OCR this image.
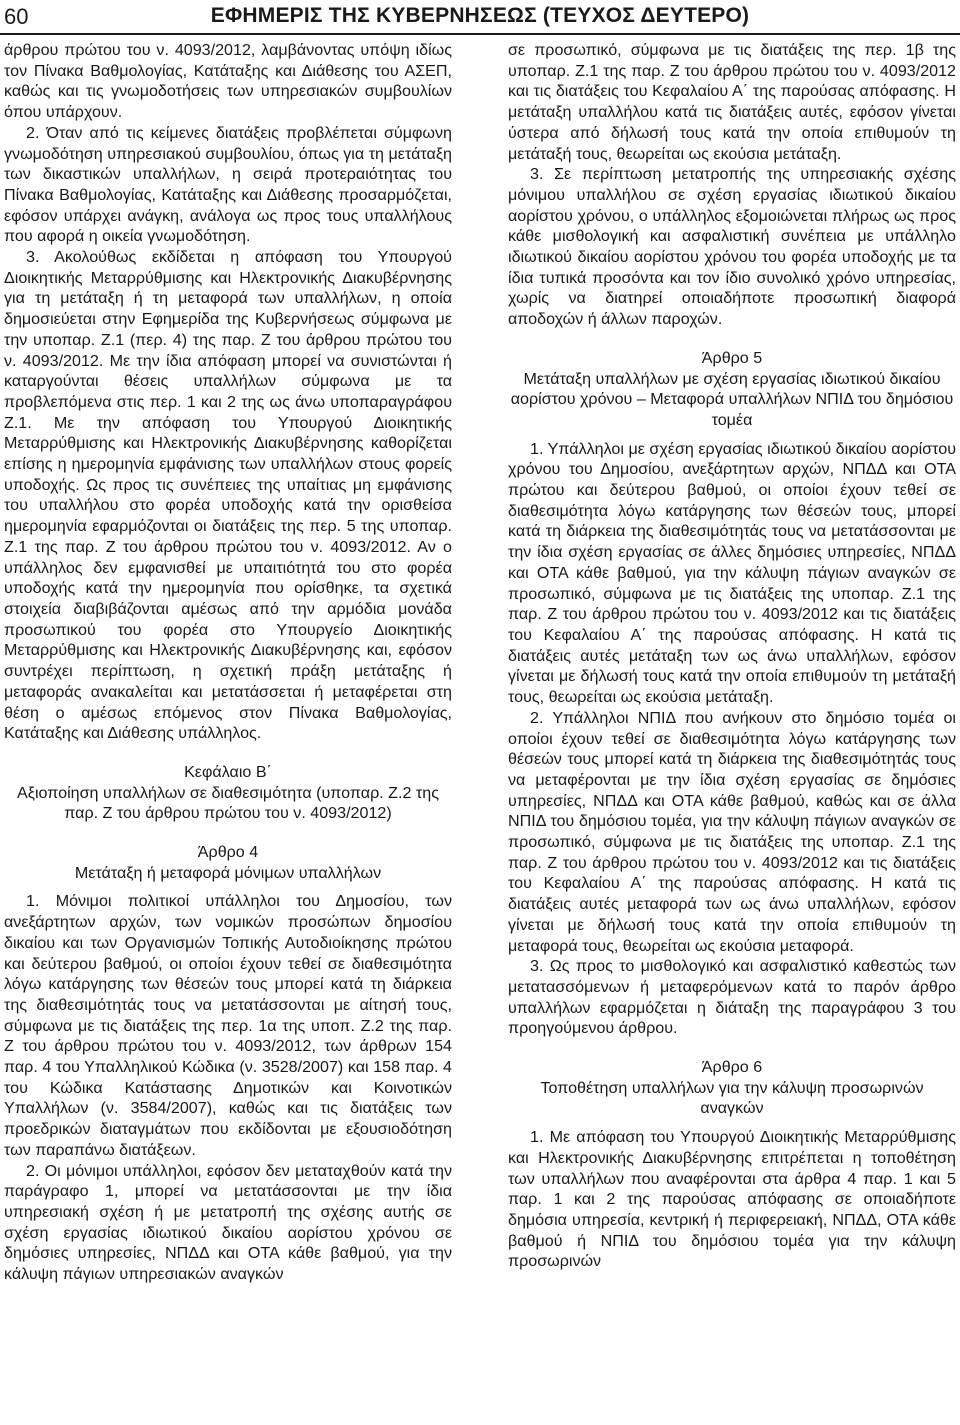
60	ΕΦΗΜΕΡΙΣ ΤΗΣ ΚΥΒΕΡΝΗΣΕΩΣ (ΤΕΥΧΟΣ ΔΕΥΤΕΡΟ)

άρθρου πρώτου του ν. 4093/2012, λαμβάνοντας υπόψη ιδίως τον Πίνακα Βαθμολογίας, Κατάταξης και Διάθεσης του ΑΣΕΠ, καθώς και τις γνωμοδοτήσεις των υπηρεσιακών συμβουλίων όπου υπάρχουν.

2. Όταν από τις κείμενες διατάξεις προβλέπεται σύμφωνη γνωμοδότηση υπηρεσιακού συμβουλίου, όπως για τη μετάταξη των δικαστικών υπαλλήλων, η σειρά προτεραιότητας του Πίνακα Βαθμολογίας, Κατάταξης και Διάθεσης προσαρμόζεται, εφόσον υπάρχει ανάγκη, ανάλογα ως προς τους υπαλλήλους που αφορά η οικεία γνωμοδότηση.

3. Ακολούθως εκδίδεται η απόφαση του Υπουργού Διοικητικής Μεταρρύθμισης και Ηλεκτρονικής Διακυβέρνησης για τη μετάταξη ή τη μεταφορά των υπαλλήλων, η οποία δημοσιεύεται στην Εφημερίδα της Κυβερνήσεως σύμφωνα με την υποπαρ. Ζ.1 (περ. 4) της παρ. Ζ του άρθρου πρώτου του ν. 4093/2012. Με την ίδια απόφαση μπορεί να συνιστώνται ή καταργούνται θέσεις υπαλλήλων σύμφωνα με τα προβλεπόμενα στις περ. 1 και 2 της ως άνω υποπαραγράφου Ζ.1. Με την απόφαση του Υπουργού Διοικητικής Μεταρρύθμισης και Ηλεκτρονικής Διακυβέρνησης καθορίζεται επίσης η ημερομηνία εμφάνισης των υπαλλήλων στους φορείς υποδοχής. Ως προς τις συνέπειες της υπαίτιας μη εμφάνισης του υπαλλήλου στο φορέα υποδοχής κατά την ορισθείσα ημερομηνία εφαρμόζονται οι διατάξεις της περ. 5 της υποπαρ. Ζ.1 της παρ. Ζ του άρθρου πρώτου του ν. 4093/2012. Αν ο υπάλληλος δεν εμφανισθεί με υπαιτιότητά του στο φορέα υποδοχής κατά την ημερομηνία που ορίσθηκε, τα σχετικά στοιχεία διαβιβάζονται αμέσως από την αρμόδια μονάδα προσωπικού του φορέα στο Υπουργείο Διοικητικής Μεταρρύθμισης και Ηλεκτρονικής Διακυβέρνησης και, εφόσον συντρέχει περίπτωση, η σχετική πράξη μετάταξης ή μεταφοράς ανακαλείται και μετατάσσεται ή μεταφέρεται στη θέση ο αμέσως επόμενος στον Πίνακα Βαθμολογίας, Κατάταξης και Διάθεσης υπάλληλος.

Κεφάλαιο Β΄

Αξιοποίηση υπαλλήλων σε διαθεσιμότητα (υποπαρ. Ζ.2 της παρ. Ζ του άρθρου πρώτου του ν. 4093/2012)

Άρθρο 4

Μετάταξη ή μεταφορά μόνιμων υπαλλήλων

1. Μόνιμοι πολιτικοί υπάλληλοι του Δημοσίου, των ανεξάρτητων αρχών, των νομικών προσώπων δημοσίου δικαίου και των Οργανισμών Τοπικής Αυτοδιοίκησης πρώτου και δεύτερου βαθμού, οι οποίοι έχουν τεθεί σε διαθεσιμότητα λόγω κατάργησης των θέσεών τους μπορεί κατά τη διάρκεια της διαθεσιμότητάς τους να μετατάσσονται με αίτησή τους, σύμφωνα με τις διατάξεις της περ. 1α της υποπ. Ζ.2 της παρ. Ζ του άρθρου πρώτου του ν. 4093/2012, των άρθρων 154 παρ. 4 του Υπαλληλικού Κώδικα (ν. 3528/2007) και 158 παρ. 4 του Κώδικα Κατάστασης Δημοτικών και Κοινοτικών Υπαλλήλων (ν. 3584/2007), καθώς και τις διατάξεις των προεδρικών διαταγμάτων που εκδίδονται με εξουσιοδότηση των παραπάνω διατάξεων.

2. Οι μόνιμοι υπάλληλοι, εφόσον δεν μεταταχθούν κατά την παράγραφο 1, μπορεί να μετατάσσονται με την ίδια υπηρεσιακή σχέση ή με μετατροπή της σχέσης αυτής σε σχέση εργασίας ιδιωτικού δικαίου αορίστου χρόνου σε δημόσιες υπηρεσίες, ΝΠΔΔ και ΟΤΑ κάθε βαθμού, για την κάλυψη πάγιων υπηρεσιακών αναγκών

σε προσωπικό, σύμφωνα με τις διατάξεις της περ. 1β της υποπαρ. Ζ.1 της παρ. Ζ του άρθρου πρώτου του ν. 4093/2012 και τις διατάξεις του Κεφαλαίου Α΄ της παρούσας απόφασης. Η μετάταξη υπαλλήλου κατά τις διατάξεις αυτές, εφόσον γίνεται ύστερα από δήλωσή τους κατά την οποία επιθυμούν τη μετάταξή τους, θεωρείται ως εκούσια μετάταξη.

3. Σε περίπτωση μετατροπής της υπηρεσιακής σχέσης μόνιμου υπαλλήλου σε σχέση εργασίας ιδιωτικού δικαίου αορίστου χρόνου, ο υπάλληλος εξομοιώνεται πλήρως ως προς κάθε μισθολογική και ασφαλιστική συνέπεια με υπάλληλο ιδιωτικού δικαίου αορίστου χρόνου του φορέα υποδοχής με τα ίδια τυπικά προσόντα και τον ίδιο συνολικό χρόνο υπηρεσίας, χωρίς να διατηρεί οποιαδήποτε προσωπική διαφορά αποδοχών ή άλλων παροχών.

Άρθρο 5

Μετάταξη υπαλλήλων με σχέση εργασίας ιδιωτικού δικαίου αορίστου χρόνου – Μεταφορά υπαλλήλων ΝΠΙΔ του δημόσιου τομέα

1. Υπάλληλοι με σχέση εργασίας ιδιωτικού δικαίου αορίστου χρόνου του Δημοσίου, ανεξάρτητων αρχών, ΝΠΔΔ και ΟΤΑ πρώτου και δεύτερου βαθμού, οι οποίοι έχουν τεθεί σε διαθεσιμότητα λόγω κατάργησης των θέσεών τους, μπορεί κατά τη διάρκεια της διαθεσιμότητάς τους να μετατάσσονται με την ίδια σχέση εργασίας σε άλλες δημόσιες υπηρεσίες, ΝΠΔΔ και ΟΤΑ κάθε βαθμού, για την κάλυψη πάγιων αναγκών σε προσωπικό, σύμφωνα με τις διατάξεις της υποπαρ. Ζ.1 της παρ. Ζ του άρθρου πρώτου του ν. 4093/2012 και τις διατάξεις του Κεφαλαίου Α΄ της παρούσας απόφασης. Η κατά τις διατάξεις αυτές μετάταξη των ως άνω υπαλλήλων, εφόσον γίνεται με δήλωσή τους κατά την οποία επιθυμούν τη μετάταξή τους, θεωρείται ως εκούσια μετάταξη.

2. Υπάλληλοι ΝΠΙΔ που ανήκουν στο δημόσιο τομέα οι οποίοι έχουν τεθεί σε διαθεσιμότητα λόγω κατάργησης των θέσεών τους μπορεί κατά τη διάρκεια της διαθεσιμότητάς τους να μεταφέρονται με την ίδια σχέση εργασίας σε δημόσιες υπηρεσίες, ΝΠΔΔ και ΟΤΑ κάθε βαθμού, καθώς και σε άλλα ΝΠΙΔ του δημόσιου τομέα, για την κάλυψη πάγιων αναγκών σε προσωπικό, σύμφωνα με τις διατάξεις της υποπαρ. Ζ.1 της παρ. Ζ του άρθρου πρώτου του ν. 4093/2012 και τις διατάξεις του Κεφαλαίου Α΄ της παρούσας απόφασης. Η κατά τις διατάξεις αυτές μεταφορά των ως άνω υπαλλήλων, εφόσον γίνεται με δήλωσή τους κατά την οποία επιθυμούν τη μεταφορά τους, θεωρείται ως εκούσια μεταφορά.

3. Ως προς το μισθολογικό και ασφαλιστικό καθεστώς των μετατασσόμενων ή μεταφερόμενων κατά το παρόν άρθρο υπαλλήλων εφαρμόζεται η διάταξη της παραγράφου 3 του προηγούμενου άρθρου.

Άρθρο 6

Τοποθέτηση υπαλλήλων για την κάλυψη προσωρινών αναγκών

1. Με απόφαση του Υπουργού Διοικητικής Μεταρρύθμισης και Ηλεκτρονικής Διακυβέρνησης επιτρέπεται η τοποθέτηση των υπαλλήλων που αναφέρονται στα άρθρα 4 παρ. 1 και 5 παρ. 1 και 2 της παρούσας απόφασης σε οποιαδήποτε δημόσια υπηρεσία, κεντρική ή περιφερειακή, ΝΠΔΔ, ΟΤΑ κάθε βαθμού ή ΝΠΙΔ του δημόσιου τομέα για την κάλυψη προσωρινών
